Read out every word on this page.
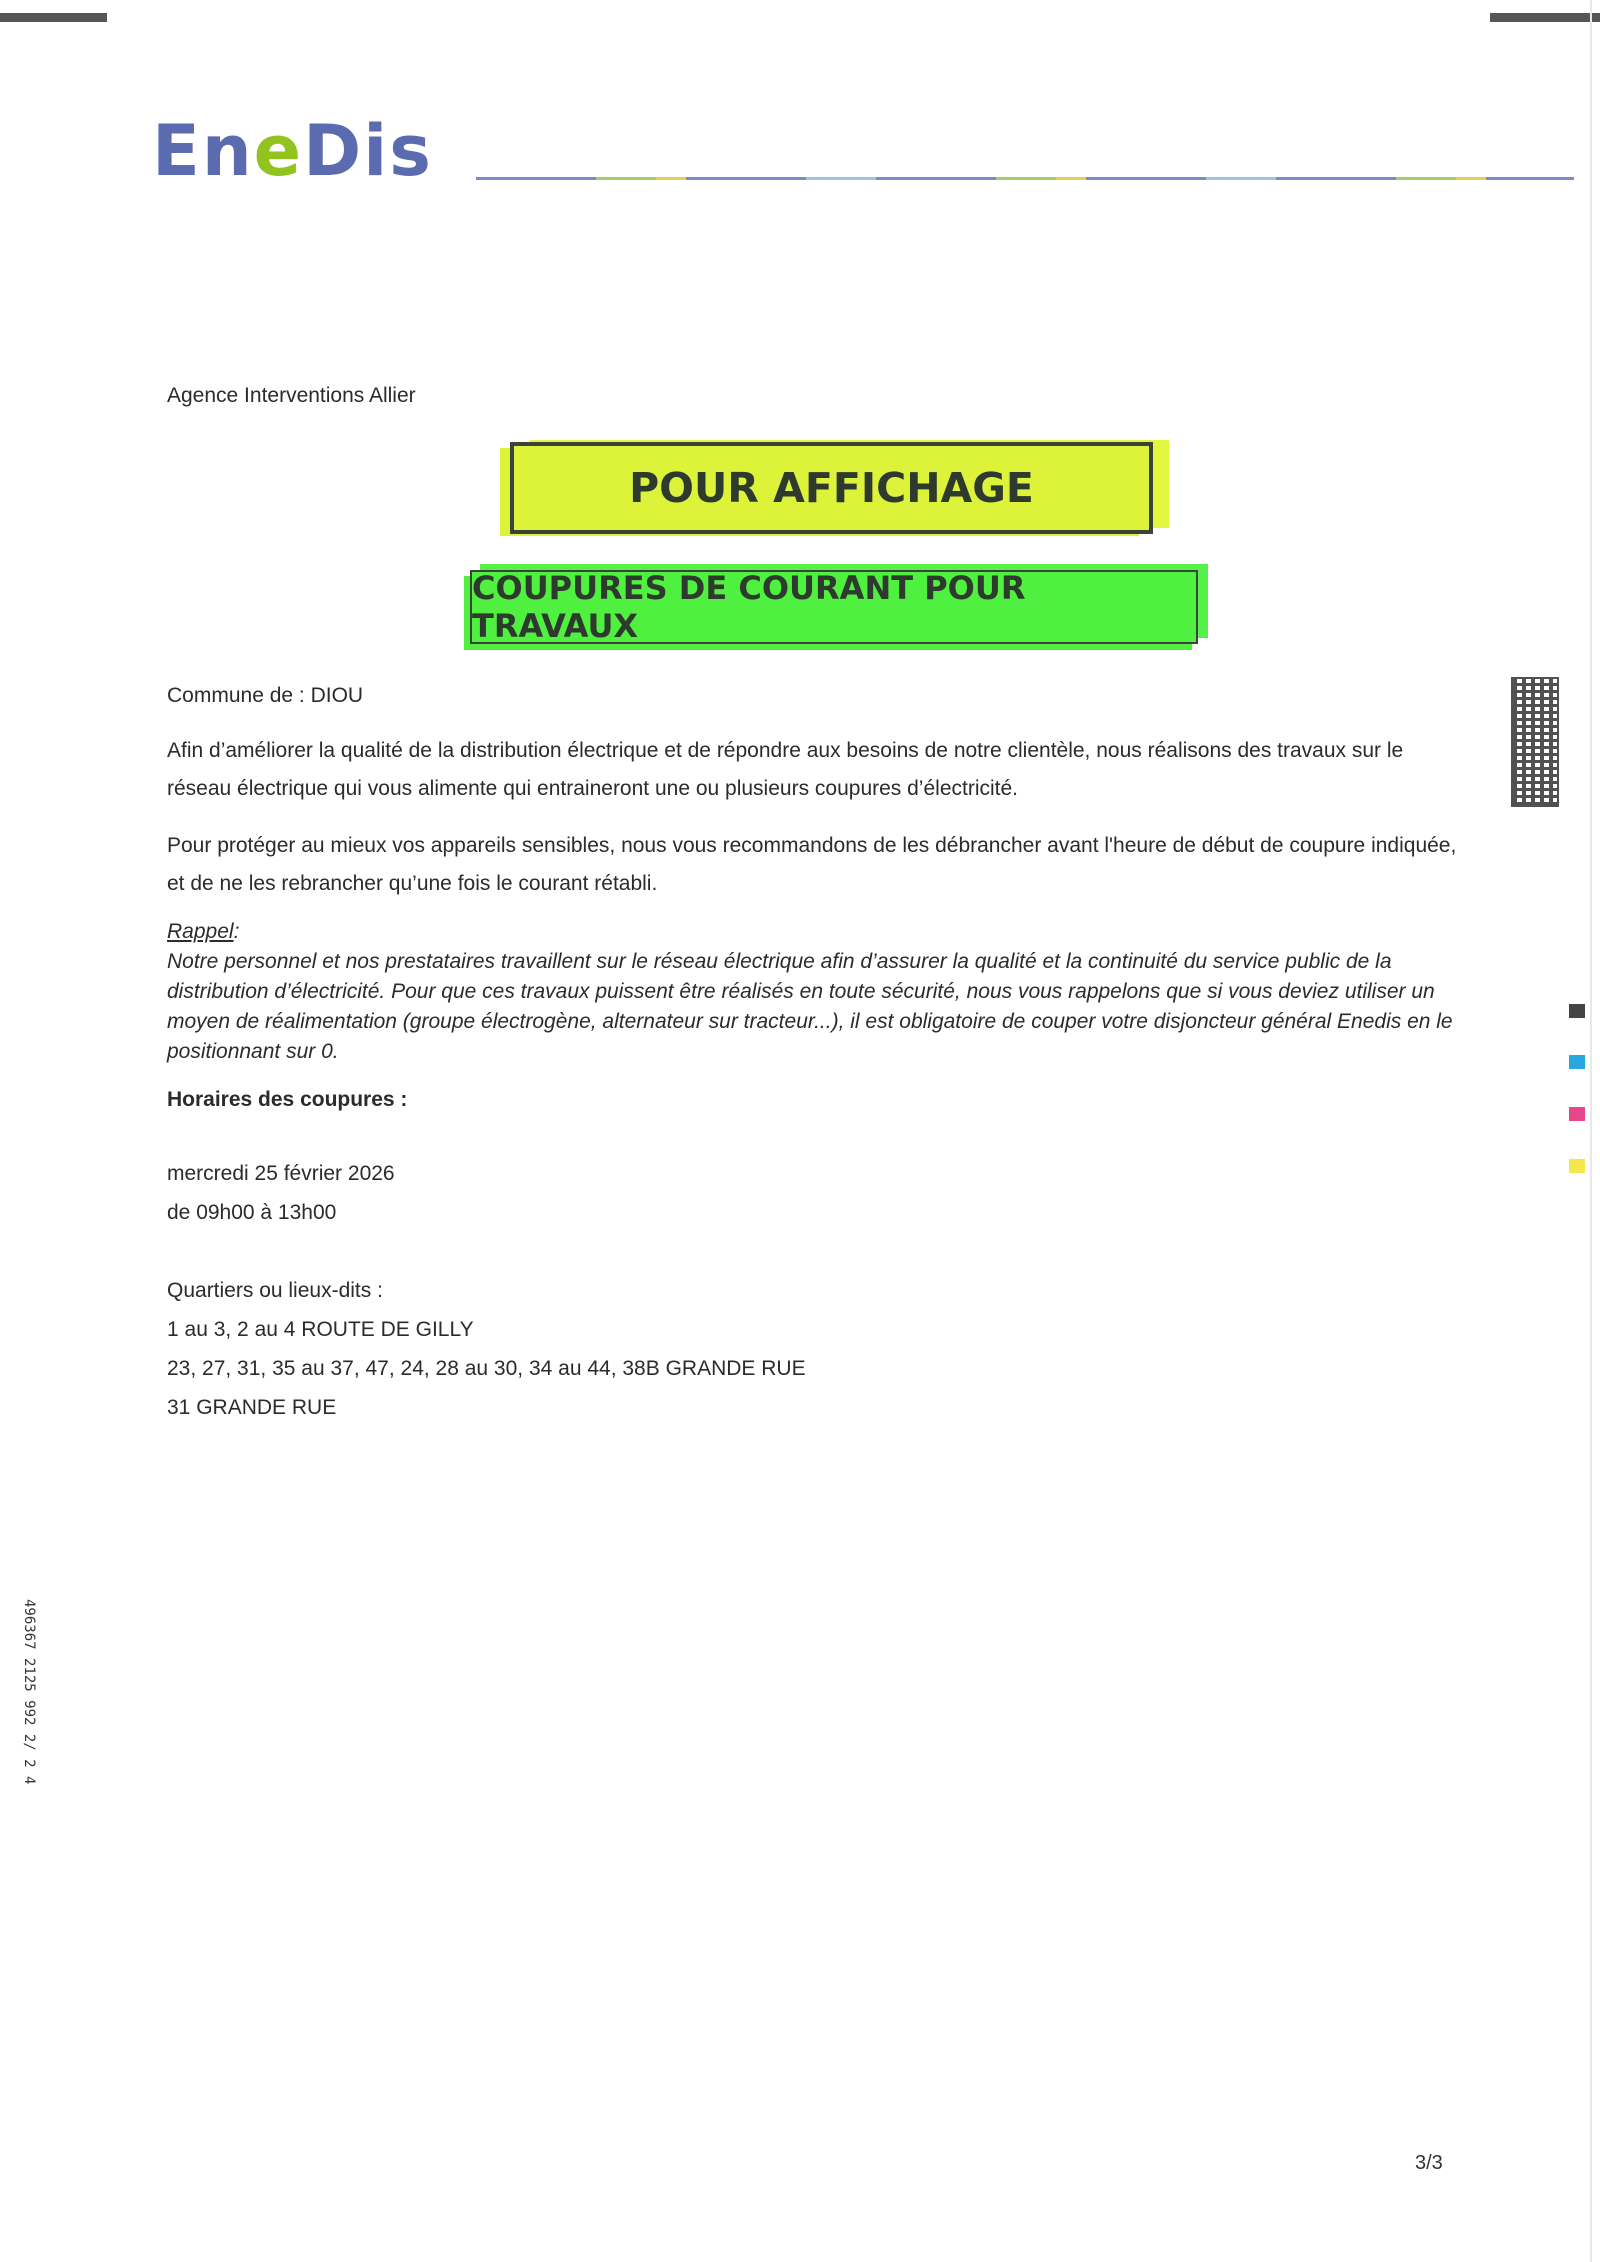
EneDis
Agence Interventions Allier
POUR AFFICHAGE
COUPURES DE COURANT POUR TRAVAUX
Commune de : DIOU
Afin d’améliorer la qualité de la distribution électrique et de répondre aux besoins de notre clientèle, nous réalisons des travaux sur le réseau électrique qui vous alimente qui entraineront une ou plusieurs coupures d’électricité.
Pour protéger au mieux vos appareils sensibles, nous vous recommandons de les débrancher avant l'heure de début de coupure indiquée, et de ne les rebrancher qu’une fois le courant rétabli.
Rappel:
Notre personnel et nos prestataires travaillent sur le réseau électrique afin d’assurer la qualité et la continuité du service public de la distribution d’électricité. Pour que ces travaux puissent être réalisés en toute sécurité, nous vous rappelons que si vous deviez utiliser un moyen de réalimentation (groupe électrogène, alternateur sur tracteur...), il est obligatoire de couper votre disjoncteur général Enedis en le positionnant sur 0.
Horaires des coupures :
mercredi 25 février 2026
de 09h00 à 13h00
Quartiers ou lieux-dits :
1 au 3, 2 au 4 ROUTE DE GILLY
23, 27, 31, 35 au 37, 47, 24, 28 au 30, 34 au 44, 38B GRANDE RUE
31 GRANDE RUE
3/3
496367 2125 992 2/ 2 4
